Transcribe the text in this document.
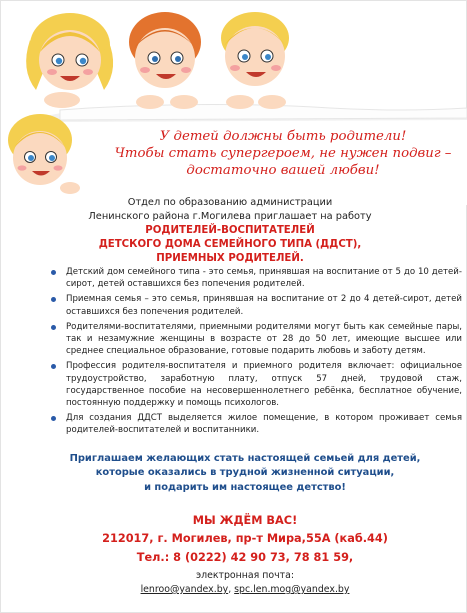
У детей должны быть родители!
Чтобы стать супергероем, не нужен подвиг –
достаточно вашей любви!
Отдел по образованию администрации
Ленинского района г.Могилева приглашает на работу
РОДИТЕЛЕЙ-ВОСПИТАТЕЛЕЙ
ДЕТСКОГО ДОМА СЕМЕЙНОГО ТИПА (ДДСТ),
ПРИЕМНЫХ РОДИТЕЛЕЙ.
Детский дом семейного типа - это семья, принявшая на воспитание от 5 до 10 детей-сирот, детей оставшихся без попечения родителей.
Приемная семья – это семья, принявшая на воспитание от 2 до 4 детей-сирот, детей оставшихся без попечения родителей.
Родителями-воспитателями, приемными родителями могут быть как семейные пары, так и незамужние женщины в возрасте от 28 до 50 лет, имеющие высшее или среднее специальное образование, готовые подарить любовь и заботу детям.
Профессия родителя-воспитателя и приемного родителя включает: официальное трудоустройство, заработную плату, отпуск 57 дней, трудовой стаж, государственное пособие на несовершеннолетнего ребёнка, бесплатное обучение, постоянную поддержку и помощь психологов.
Для создания ДДСТ выделяется жилое помещение, в котором проживает семья родителей-воспитателей и воспитанники.
Приглашаем желающих стать настоящей семьей для детей,
которые оказались в трудной жизненной ситуации,
и подарить им настоящее детство!
МЫ ЖДЁМ ВАС!
212017, г. Могилев, пр-т Мира,55А (каб.44)
Тел.: 8 (0222) 42 90 73, 78 81 59,
электронная почта:
lenroo@yandex.by, spc.len.mog@yandex.by
